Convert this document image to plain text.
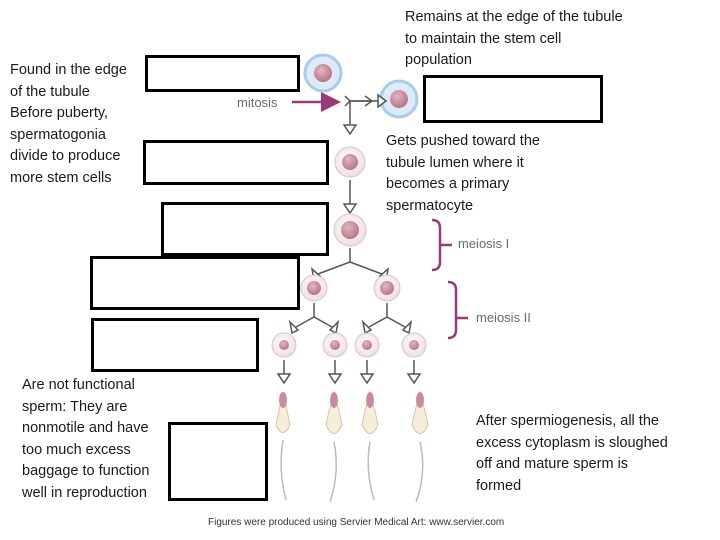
Found in the edge
of the tubule
Before puberty,
spermatogonia
divide to produce
more stem cells
Remains at the edge of the tubule
to maintain the stem cell
population
Gets pushed toward the
tubule lumen where it
becomes a primary
spermatocyte
Are not functional
sperm: They are
nonmotile and have
too much excess
baggage to function
well in reproduction
After spermiogenesis, all the
excess cytoplasm is sloughed
off and mature sperm is
formed
mitosis
meiosis I
meiosis II
Figures were produced using Servier Medical Art: www.servier.com
